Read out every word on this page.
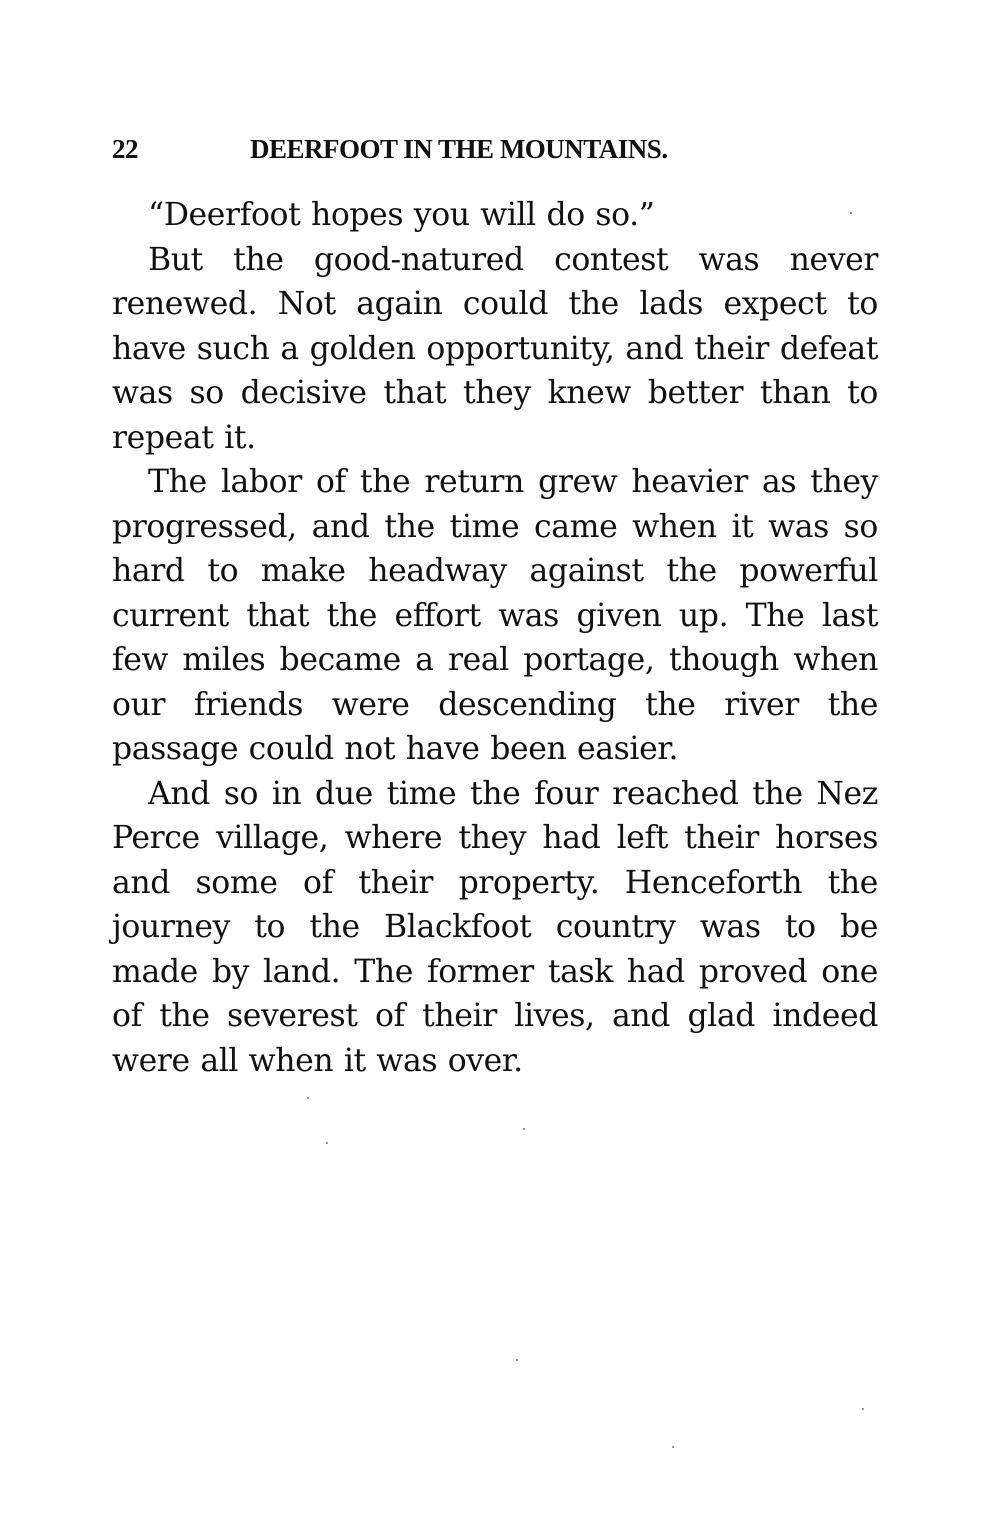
22	DEERFOOT IN THE MOUNTAINS.

“Deerfoot hopes you will do so.”

But the good-natured contest was never renewed. Not again could the lads expect to have such a golden opportunity, and their defeat was so decisive that they knew better than to repeat it.

The labor of the return grew heavier as they progressed, and the time came when it was so hard to make headway against the powerful current that the effort was given up. The last few miles became a real portage, though when our friends were descending the river the passage could not have been easier.

And so in due time the four reached the Nez Perce village, where they had left their horses and some of their property. Henceforth the journey to the Blackfoot country was to be made by land. The former task had proved one of the severest of their lives, and glad indeed were all when it was over.
